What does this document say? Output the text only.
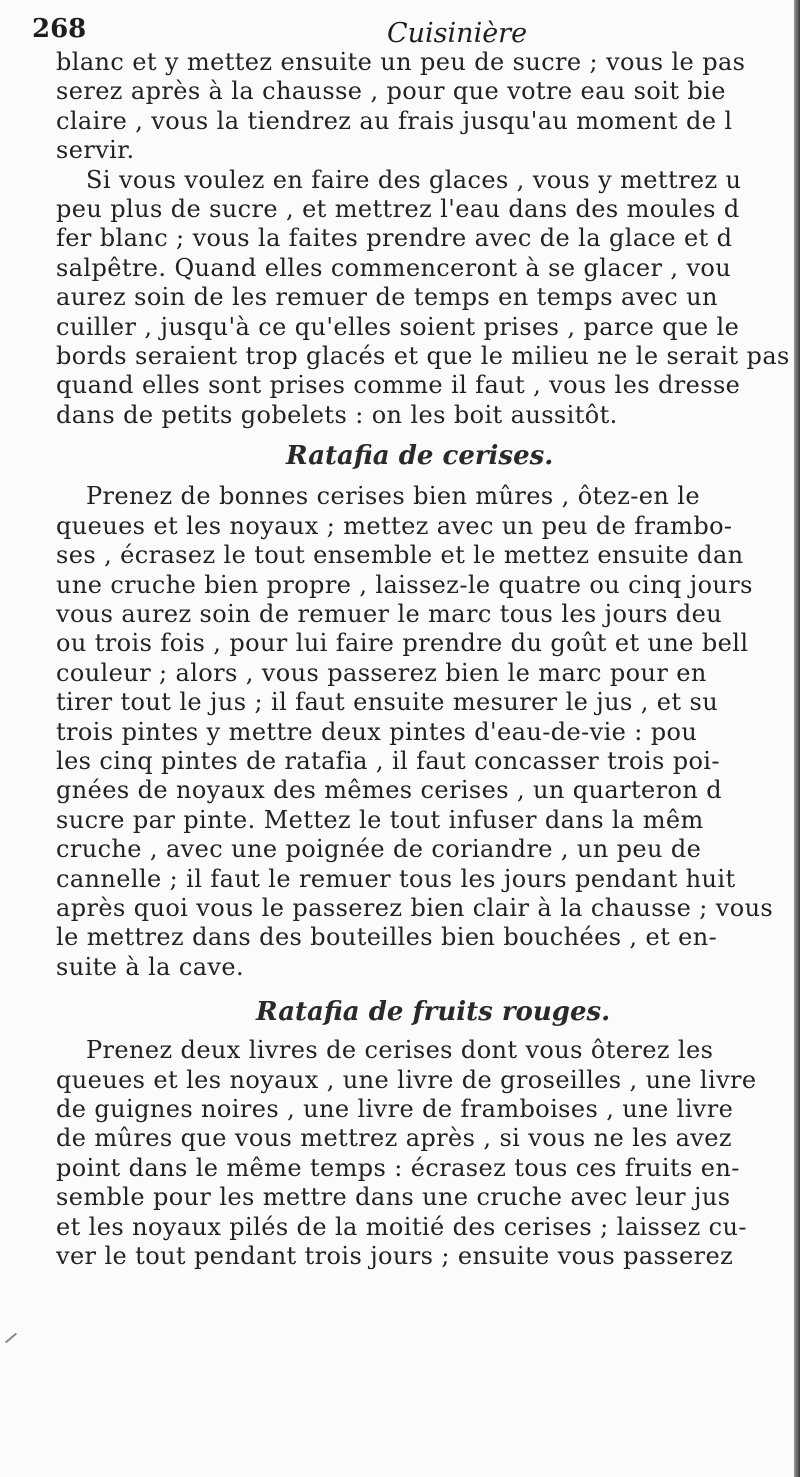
268	Cuisinière

blanc et y mettez ensuite un peu de sucre ; vous le pas
serez après à la chausse , pour que votre eau soit bie
claire , vous la tiendrez au frais jusqu'au moment de l
servir.

Si vous voulez en faire des glaces , vous y mettrez u
peu plus de sucre , et mettrez l'eau dans des moules d
fer blanc ; vous la faites prendre avec de la glace et d
salpêtre. Quand elles commenceront à se glacer , vou
aurez soin de les remuer de temps en temps avec un
cuiller , jusqu'à ce qu'elles soient prises , parce que le
bords seraient trop glacés et que le milieu ne le serait pas
quand elles sont prises comme il faut , vous les dresse
dans de petits gobelets : on les boit aussitôt.

Ratafia de cerises.

Prenez de bonnes cerises bien mûres , ôtez-en le
queues et les noyaux ; mettez avec un peu de frambo-
ses , écrasez le tout ensemble et le mettez ensuite dan
une cruche bien propre , laissez-le quatre ou cinq jours
vous aurez soin de remuer le marc tous les jours deu
ou trois fois , pour lui faire prendre du goût et une bell
couleur ; alors , vous passerez bien le marc pour en
tirer tout le jus ; il faut ensuite mesurer le jus , et su
trois pintes y mettre deux pintes d'eau-de-vie : pou
les cinq pintes de ratafia , il faut concasser trois poi-
gnées de noyaux des mêmes cerises , un quarteron d
sucre par pinte. Mettez le tout infuser dans la mêm
cruche , avec une poignée de coriandre , un peu de
cannelle ; il faut le remuer tous les jours pendant huit
après quoi vous le passerez bien clair à la chausse ; vous
le mettrez dans des bouteilles bien bouchées , et en-
suite à la cave.

Ratafia de fruits rouges.

Prenez deux livres de cerises dont vous ôterez les
queues et les noyaux , une livre de groseilles , une livre
de guignes noires , une livre de framboises , une livre
de mûres que vous mettrez après , si vous ne les avez
point dans le même temps : écrasez tous ces fruits en-
semble pour les mettre dans une cruche avec leur jus
et les noyaux pilés de la moitié des cerises ; laissez cu-
ver le tout pendant trois jours ; ensuite vous passerez
